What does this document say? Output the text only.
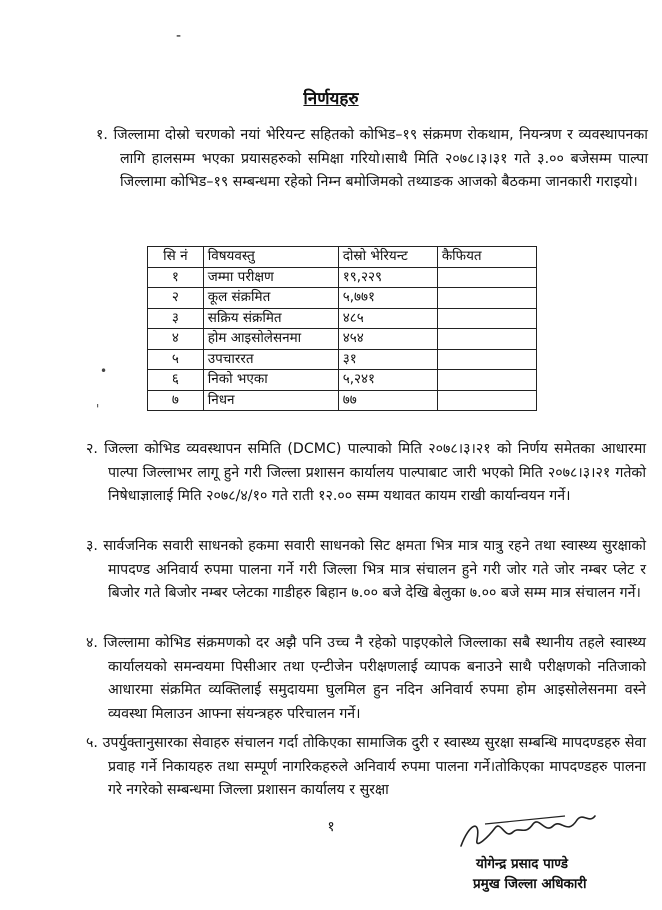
-
निर्णयहरु
१. जिल्लामा दोस्रो चरणको नयां भेरियन्ट सहितको कोभिड–१९ संक्रमण रोकथाम, नियन्त्रण र व्यवस्थापनका लागि हालसम्म भएका प्रयासहरुको समिक्षा गरियो।साथै मिति २०७८।३।३१ गते ३.०० बजेसम्म पाल्पा जिल्लामा कोभिड–१९ सम्बन्धमा रहेको निम्न बमोजिमको तथ्याङक आजको बैठकमा जानकारी गराइयो।
सि नं	विषयवस्तु	दोस्रो भेरियन्ट	कैफियत
१	जम्मा परीक्षण	१९,२२९	
२	कूल संक्रमित	५,७७१	
३	सक्रिय संक्रमित	४८५	
४	होम आइसोलेसनमा	४५४	
५	उपचाररत	३१	
६	निको भएका	५,२४१	
७	निधन	७७	
•
'
२. जिल्ला कोभिड व्यवस्थापन समिति (DCMC) पाल्पाको मिति २०७८।३।२१ को निर्णय समेतका आधारमा पाल्पा जिल्लाभर लागू हुने गरी जिल्ला प्रशासन कार्यालय पाल्पाबाट जारी भएको मिति २०७८।३।२१ गतेको निषेधाज्ञालाई मिति २०७८/४/१० गते राती १२.०० सम्म यथावत कायम राखी कार्यान्वयन गर्ने।
३. सार्वजनिक सवारी साधनको हकमा सवारी साधनको सिट क्षमता भित्र मात्र यात्रु रहने तथा स्वास्थ्य सुरक्षाको मापदण्ड अनिवार्य रुपमा पालना गर्ने गरी जिल्ला भित्र मात्र संचालन हुने गरी जोर गते जोर नम्बर प्लेट र बिजोर गते बिजोर नम्बर प्लेटका गाडीहरु बिहान ७.०० बजे देखि बेलुका ७.०० बजे सम्म मात्र संचालन गर्ने।
४. जिल्लामा कोभिड संक्रमणको दर अझै पनि उच्च नै रहेको पाइएकोले जिल्लाका सबै स्थानीय तहले स्वास्थ्य कार्यालयको समन्वयमा पिसीआर तथा एन्टीजेन परीक्षणलाई व्यापक बनाउने साथै परीक्षणको नतिजाको आधारमा संक्रमित व्यक्तिलाई समुदायमा घुलमिल हुन नदिन अनिवार्य रुपमा होम आइसोलेसनमा वस्ने व्यवस्था मिलाउन आफ्ना संयन्त्रहरु परिचालन गर्ने।
५. उपर्युक्तानुसारका सेवाहरु संचालन गर्दा तोकिएका सामाजिक दुरी र स्वास्थ्य सुरक्षा सम्बन्धि मापदण्डहरु सेवा प्रवाह गर्ने निकायहरु तथा सम्पूर्ण नागरिकहरुले अनिवार्य रुपमा पालना गर्ने।तोकिएका मापदण्डहरु पालना गरे नगरेको सम्बन्धमा जिल्ला प्रशासन कार्यालय र सुरक्षा
१
योगेन्द्र प्रसाद पाण्डे
प्रमुख जिल्ला अधिकारी
